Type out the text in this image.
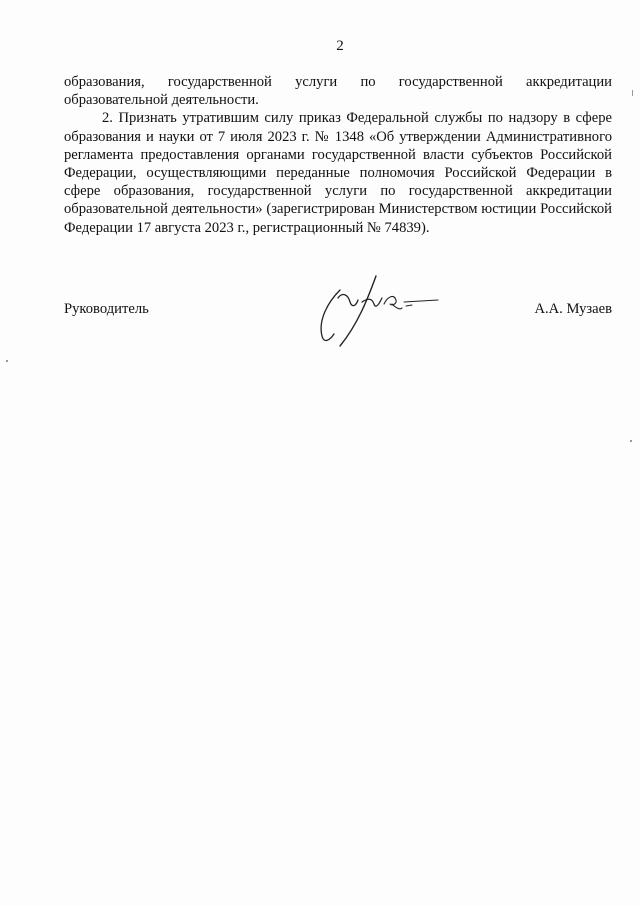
2

образования, государственной услуги по государственной аккредитации образовательной деятельности.

2. Признать утратившим силу приказ Федеральной службы по надзору в сфере образования и науки от 7 июля 2023 г. № 1348 «Об утверждении Административного регламента предоставления органами государственной власти субъектов Российской Федерации, осуществляющими переданные полномочия Российской Федерации в сфере образования, государственной услуги по государственной аккредитации образовательной деятельности» (зарегистрирован Министерством юстиции Российской Федерации 17 августа 2023 г., регистрационный № 74839).

Руководитель	А.А. Музаев
